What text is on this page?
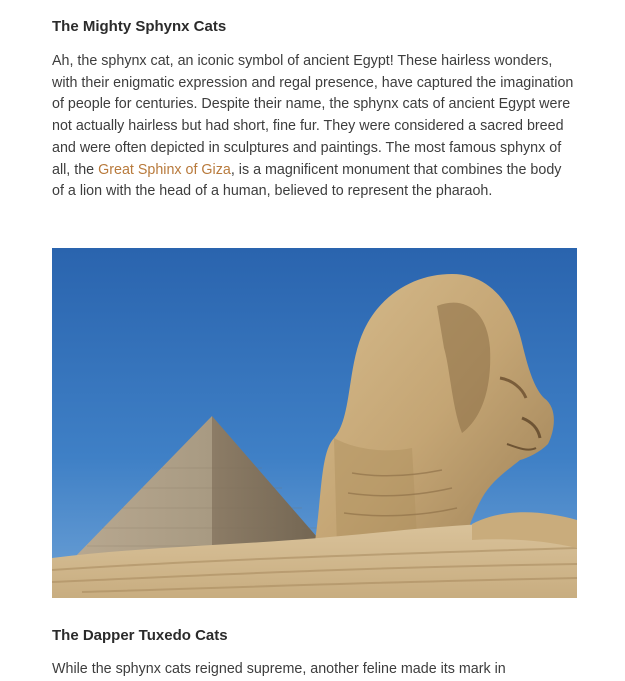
The Mighty Sphynx Cats

Ah, the sphynx cat, an iconic symbol of ancient Egypt! These hairless wonders, with their enigmatic expression and regal presence, have captured the imagination of people for centuries. Despite their name, the sphynx cats of ancient Egypt were not actually hairless but had short, fine fur. They were considered a sacred breed and were often depicted in sculptures and paintings. The most famous sphynx of all, the Great Sphinx of Giza, is a magnificent monument that combines the body of a lion with the head of a human, believed to represent the pharaoh.

The Dapper Tuxedo Cats

While the sphynx cats reigned supreme, another feline made its mark in
